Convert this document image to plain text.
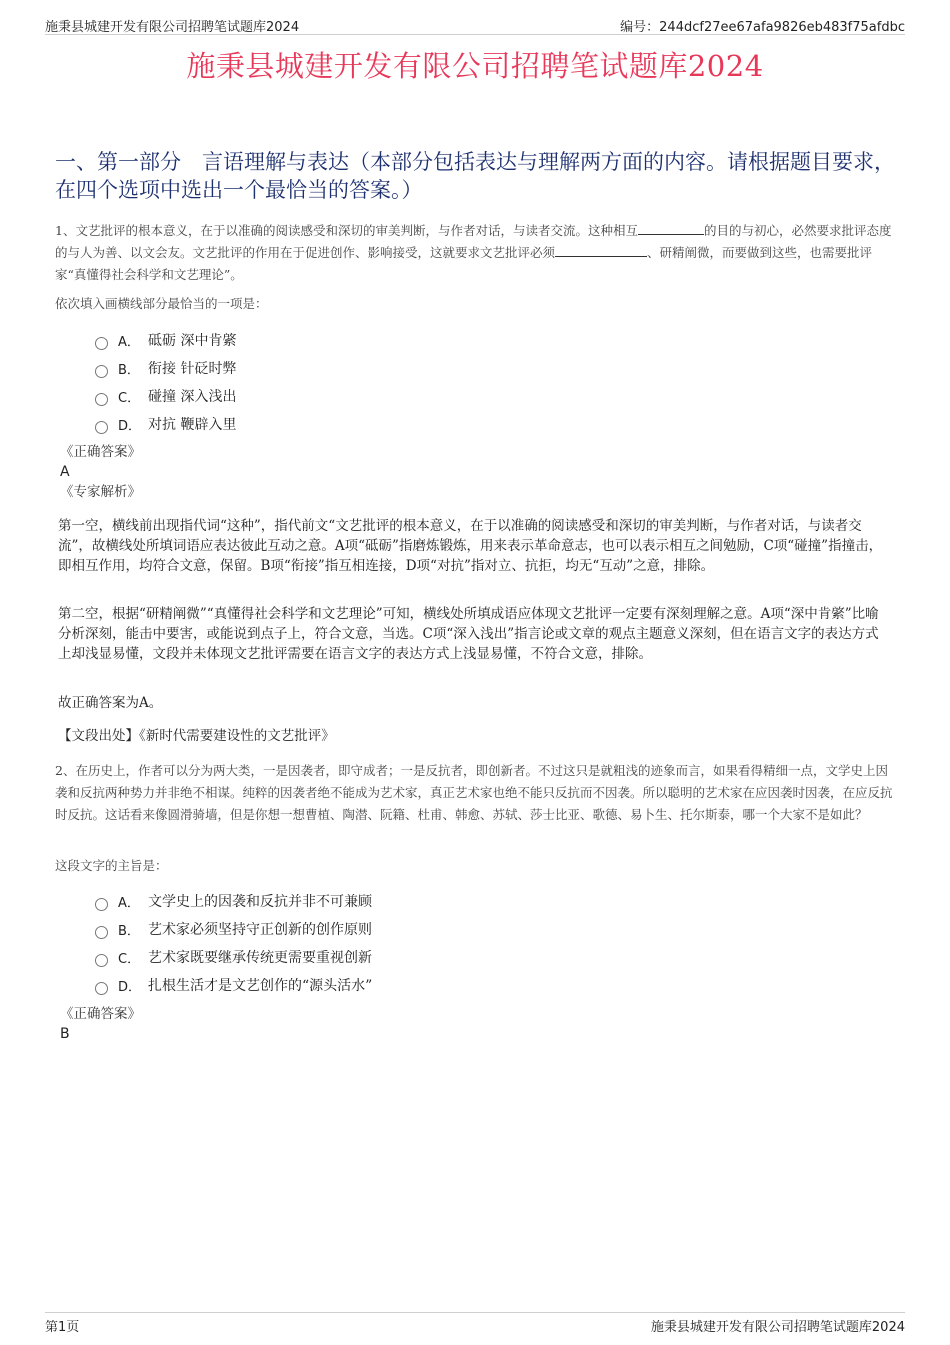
施秉县城建开发有限公司招聘笔试题库2024	编号：244dcf27ee67afa9826eb483f75afdbc
施秉县城建开发有限公司招聘笔试题库2024
一、第一部分　言语理解与表达（本部分包括表达与理解两方面的内容。请根据题目要求，在四个选项中选出一个最恰当的答案。）

1、文艺批评的根本意义，在于以准确的阅读感受和深切的审美判断，与作者对话，与读者交流。这种相互	的目的与初心，必然要求批评态度的与人为善、以文会友。文艺批评的作用在于促进创作、影响接受，这就要求文艺批评必须	、研精阐微，而要做到这些，也需要批评家“真懂得社会科学和文艺理论”。

依次填入画横线部分最恰当的一项是：

A． 砥砺 深中肯綮
B． 衔接 针砭时弊
C． 碰撞 深入浅出
D． 对抗 鞭辟入里
《正确答案》
A
《专家解析》

第一空，横线前出现指代词“这种”，指代前文“文艺批评的根本意义，在于以准确的阅读感受和深切的审美判断，与作者对话，与读者交流”，故横线处所填词语应表达彼此互动之意。A项“砥砺”指磨炼锻炼，用来表示革命意志，也可以表示相互之间勉励，C项“碰撞”指撞击，即相互作用，均符合文意，保留。B项“衔接”指互相连接，D项“对抗”指对立、抗拒，均无“互动”之意，排除。

第二空，根据“研精阐微”“真懂得社会科学和文艺理论”可知，横线处所填成语应体现文艺批评一定要有深刻理解之意。A项“深中肯綮”比喻分析深刻，能击中要害，或能说到点子上，符合文意，当选。C项“深入浅出”指言论或文章的观点主题意义深刻，但在语言文字的表达方式上却浅显易懂，文段并未体现文艺批评需要在语言文字的表达方式上浅显易懂，不符合文意，排除。

故正确答案为A。

【文段出处】《新时代需要建设性的文艺批评》

2、在历史上，作者可以分为两大类，一是因袭者，即守成者；一是反抗者，即创新者。不过这只是就粗浅的迹象而言，如果看得精细一点，文学史上因袭和反抗两种势力并非绝不相谋。纯粹的因袭者绝不能成为艺术家，真正艺术家也绝不能只反抗而不因袭。所以聪明的艺术家在应因袭时因袭，在应反抗时反抗。这话看来像圆滑骑墙，但是你想一想曹植、陶潜、阮籍、杜甫、韩愈、苏轼、莎士比亚、歌德、易卜生、托尔斯泰，哪一个大家不是如此？

这段文字的主旨是：

A． 文学史上的因袭和反抗并非不可兼顾
B． 艺术家必须坚持守正创新的创作原则
C． 艺术家既要继承传统更需要重视创新
D． 扎根生活才是文艺创作的“源头活水”
《正确答案》
B
第1页	施秉县城建开发有限公司招聘笔试题库2024
